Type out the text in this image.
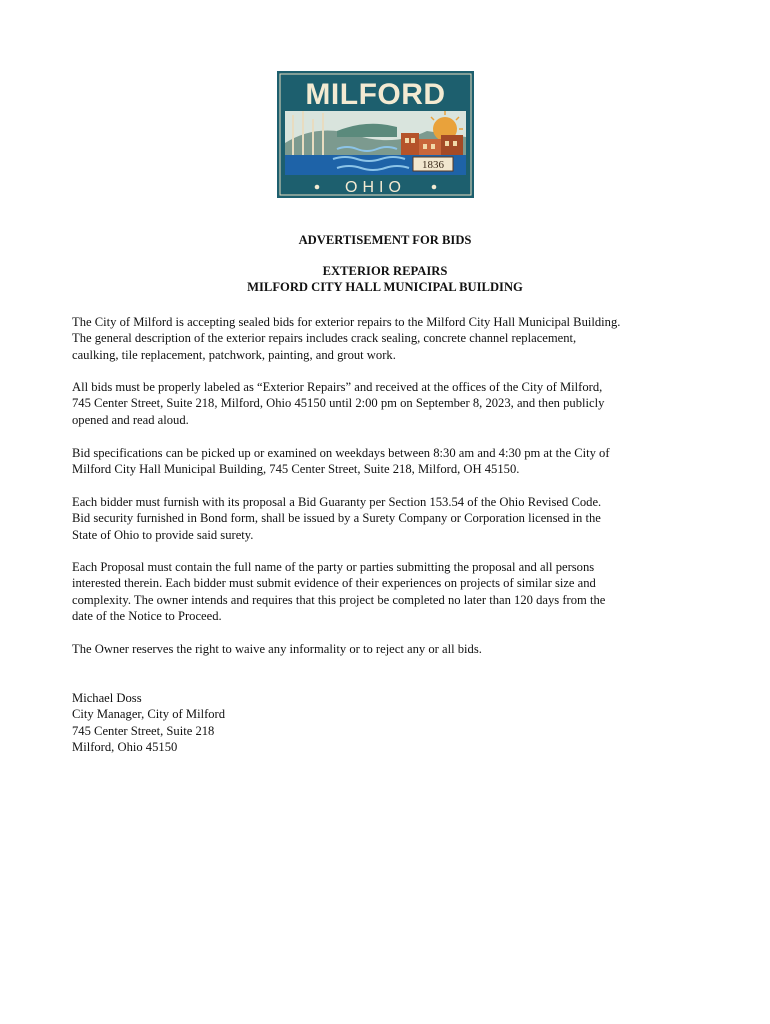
1836
MILFORD
OHIO
ADVERTISEMENT FOR BIDS
EXTERIOR REPAIRS
MILFORD CITY HALL MUNICIPAL BUILDING
The City of Milford is accepting sealed bids for exterior repairs to the Milford City Hall Municipal Building.
The general description of the exterior repairs includes crack sealing, concrete channel replacement,
caulking, tile replacement, patchwork, painting, and grout work.
All bids must be properly labeled as “Exterior Repairs” and received at the offices of the City of Milford,
745 Center Street, Suite 218, Milford, Ohio 45150 until 2:00 pm on September 8, 2023, and then publicly
opened and read aloud.
Bid specifications can be picked up or examined on weekdays between 8:30 am and 4:30 pm at the City of
Milford City Hall Municipal Building, 745 Center Street, Suite 218, Milford, OH 45150.
Each bidder must furnish with its proposal a Bid Guaranty per Section 153.54 of the Ohio Revised Code.
Bid security furnished in Bond form, shall be issued by a Surety Company or Corporation licensed in the
State of Ohio to provide said surety.
Each Proposal must contain the full name of the party or parties submitting the proposal and all persons
interested therein. Each bidder must submit evidence of their experiences on projects of similar size and
complexity. The owner intends and requires that this project be completed no later than 120 days from the
date of the Notice to Proceed.
The Owner reserves the right to waive any informality or to reject any or all bids.
Michael Doss
City Manager, City of Milford
745 Center Street, Suite 218
Milford, Ohio 45150
